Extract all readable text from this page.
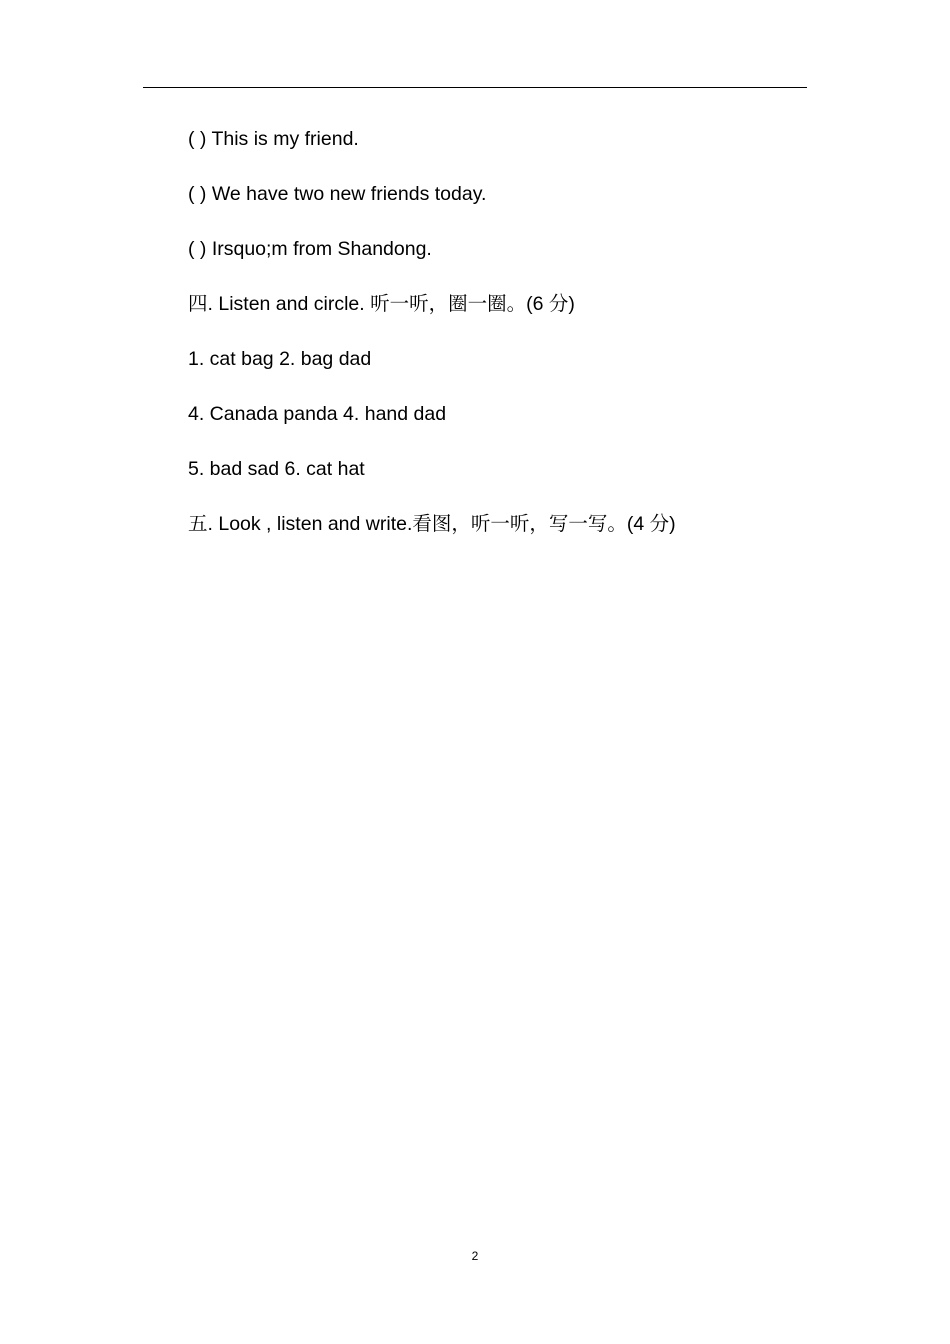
( ) This is my friend.
( ) We have two new friends today.
( ) Irsquo;m from Shandong.
四. Listen and circle. 听一听，圈一圈。(6 分)
1. cat bag 2. bag dad
4. Canada panda 4. hand dad
5. bad sad 6. cat hat
五. Look , listen and write.看图，听一听，写一写。(4 分)
2
